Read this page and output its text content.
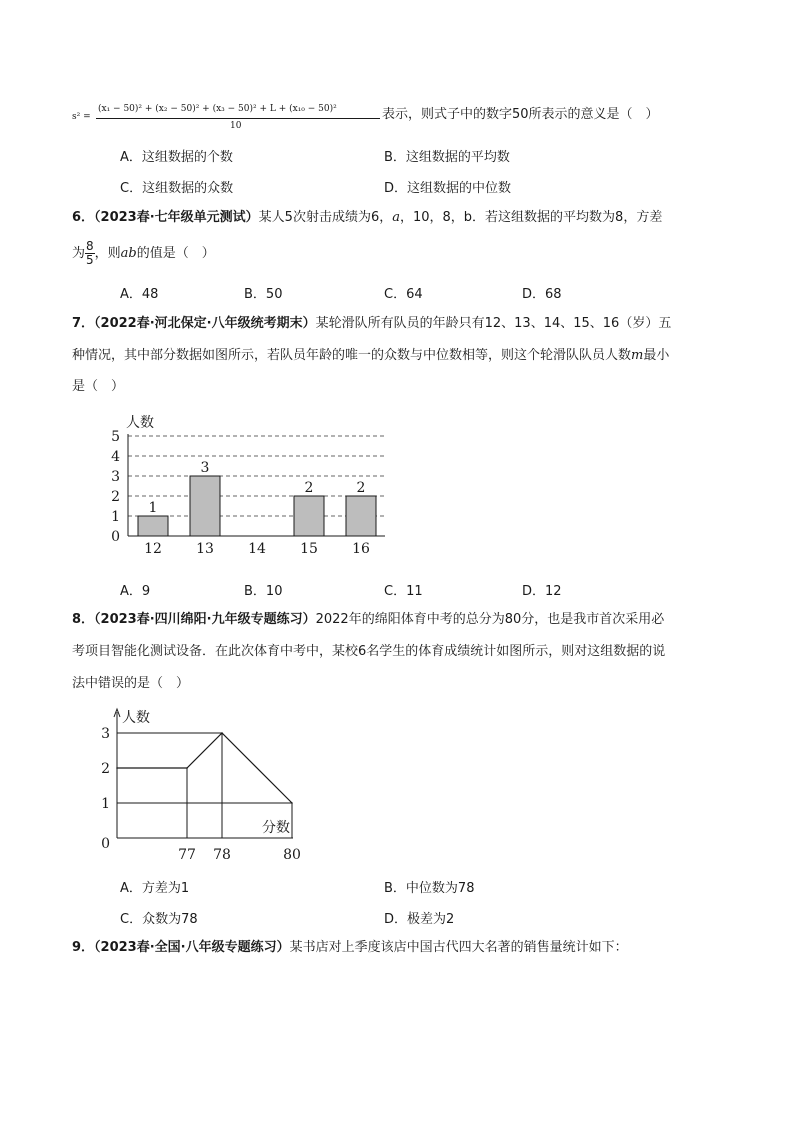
s² =
(x₁ − 50)² + (x₂ − 50)² + (x₃ − 50)² + L + (x₁₀ − 50)²
10
表示，则式子中的数字50所表示的意义是（　）
A．这组数据的个数	B．这组数据的平均数
C．这组数据的众数	D．这组数据的中位数
6．（2023春·七年级单元测试）某人5次射击成绩为6，a，10，8，b．若这组数据的平均数为8，方差
为 $\frac{8}{5}$ ，则ab的值是（　）
A．48	B．50	C．64	D．68
7．（2022春·河北保定·八年级统考期末）某轮滑队所有队员的年龄只有12、13、14、15、16（岁）五
种情况，其中部分数据如图所示，若队员年龄的唯一的众数与中位数相等，则这个轮滑队队员人数m最小
是（　）
人数
0
1
2
3
4
5
12
1
13
3
14 15
2
16
2
A．9	B．10	C．11	D．12
8．（2023春·四川绵阳·九年级专题练习）2022年的绵阳体育中考的总分为80分，也是我市首次采用必
考项目智能化测试设备．在此次体育中考中，某校6名学生的体育成绩统计如图所示，则对这组数据的说
法中错误的是（　）
人数
分数
0
1
2
3
77 78	80
A．方差为1	B．中位数为78
C．众数为78	D．极差为2
9．（2023春·全国·八年级专题练习）某书店对上季度该店中国古代四大名著的销售量统计如下：
